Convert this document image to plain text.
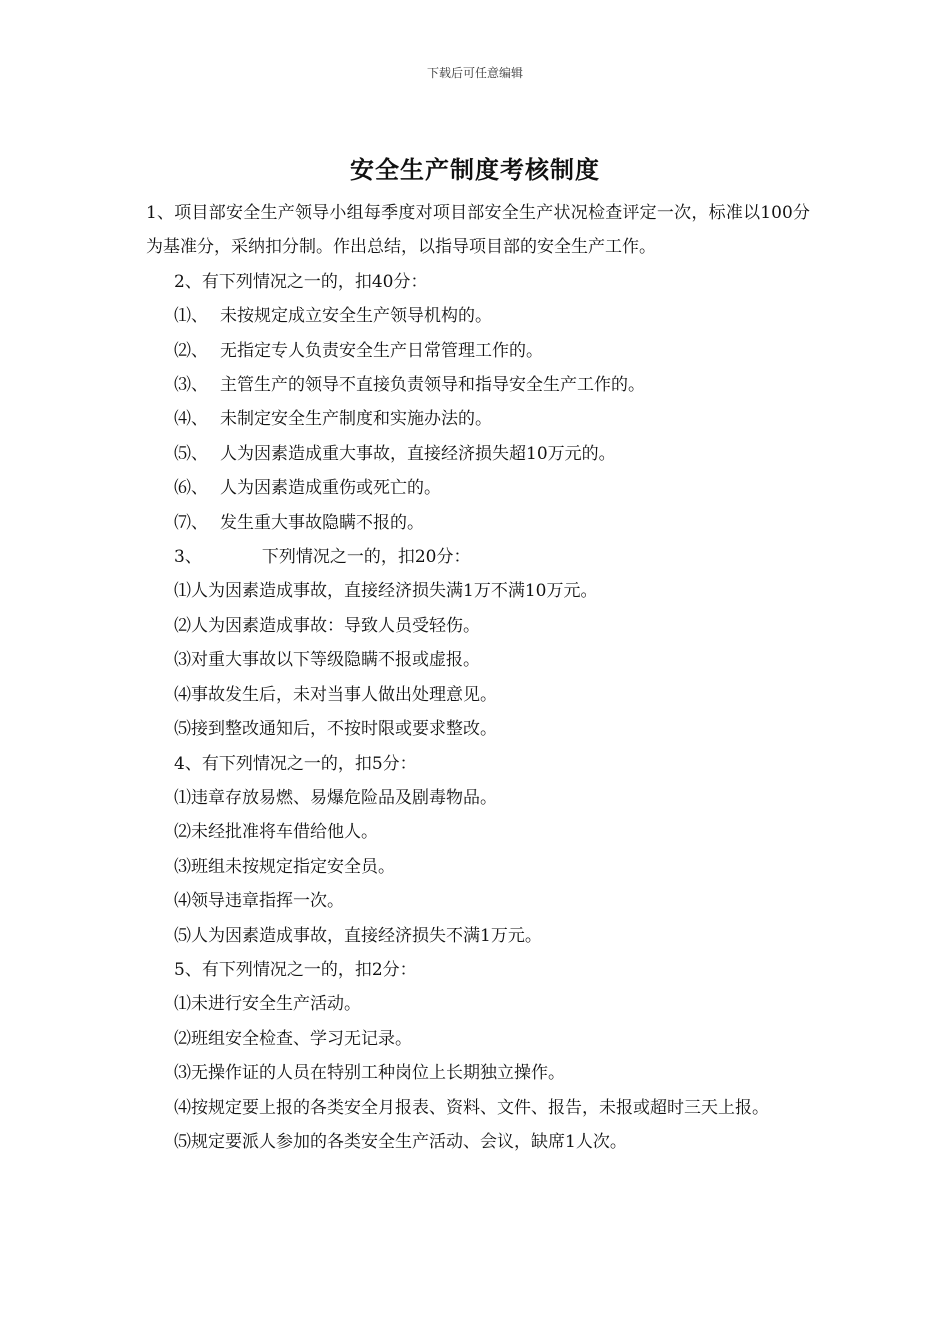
下载后可任意编辑
安全生产制度考核制度
1、项目部安全生产领导小组每季度对项目部安全生产状况检查评定一次，标准以100分为基准分，采纳扣分制。作出总结，以指导项目部的安全生产工作。
2、有下列情况之一的，扣40分：
⑴、 未按规定成立安全生产领导机构的。
⑵、 无指定专人负责安全生产日常管理工作的。
⑶、 主管生产的领导不直接负责领导和指导安全生产工作的。
⑷、 未制定安全生产制度和实施办法的。
⑸、 人为因素造成重大事故，直接经济损失超10万元的。
⑹、 人为因素造成重伤或死亡的。
⑺、 发生重大事故隐瞒不报的。
3、	下列情况之一的，扣20分：
⑴人为因素造成事故，直接经济损失满1万不满10万元。
⑵人为因素造成事故：导致人员受轻伤。
⑶对重大事故以下等级隐瞒不报或虚报。
⑷事故发生后，未对当事人做出处理意见。
⑸接到整改通知后，不按时限或要求整改。
4、有下列情况之一的，扣5分：
⑴违章存放易燃、易爆危险品及剧毒物品。
⑵未经批准将车借给他人。
⑶班组未按规定指定安全员。
⑷领导违章指挥一次。
⑸人为因素造成事故，直接经济损失不满1万元。
5、有下列情况之一的，扣2分：
⑴未进行安全生产活动。
⑵班组安全检查、学习无记录。
⑶无操作证的人员在特别工种岗位上长期独立操作。
⑷按规定要上报的各类安全月报表、资料、文件、报告，未报或超时三天上报。
⑸规定要派人参加的各类安全生产活动、会议，缺席1人次。
